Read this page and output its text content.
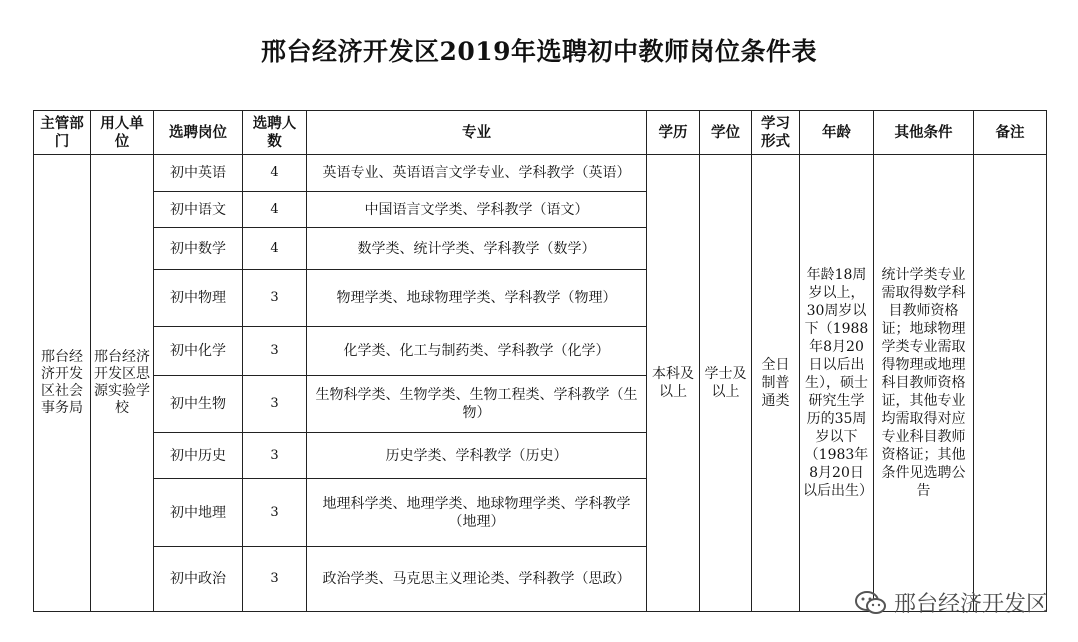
邢台经济开发区2019年选聘初中教师岗位条件表
主管部门	用人单位	选聘岗位	选聘人数	专业	学历	学位	学习形式	年龄	其他条件	备注

邢台经济开发区社会事务局	邢台经济开发区思源实验学校	初中英语	4	英语专业、英语语言文学专业、学科教学（英语）	本科及以上	学士及以上	全日制普通类	年龄18周岁以上，30周岁以下（1988年8月20日以后出生），硕士研究生学历的35周岁以下（1983年8月20日以后出生）	统计学类专业需取得数学科目教师资格证；地球物理学类专业需取得物理或地理科目教师资格证，其他专业均需取得对应专业科目教师资格证；其他条件见选聘公告	
		初中语文	4	中国语言文学类、学科教学（语文）						
		初中数学	4	数学类、统计学类、学科教学（数学）						
		初中物理	3	物理学类、地球物理学类、学科教学（物理）						
		初中化学	3	化学类、化工与制药类、学科教学（化学）						
		初中生物	3	生物科学类、生物学类、生物工程类、学科教学（生物）						
		初中历史	3	历史学类、学科教学（历史）						
		初中地理	3	地理科学类、地理学类、地球物理学类、学科教学（地理）						
		初中政治	3	政治学类、马克思主义理论类、学科教学（思政）						
邢台经济开发区
